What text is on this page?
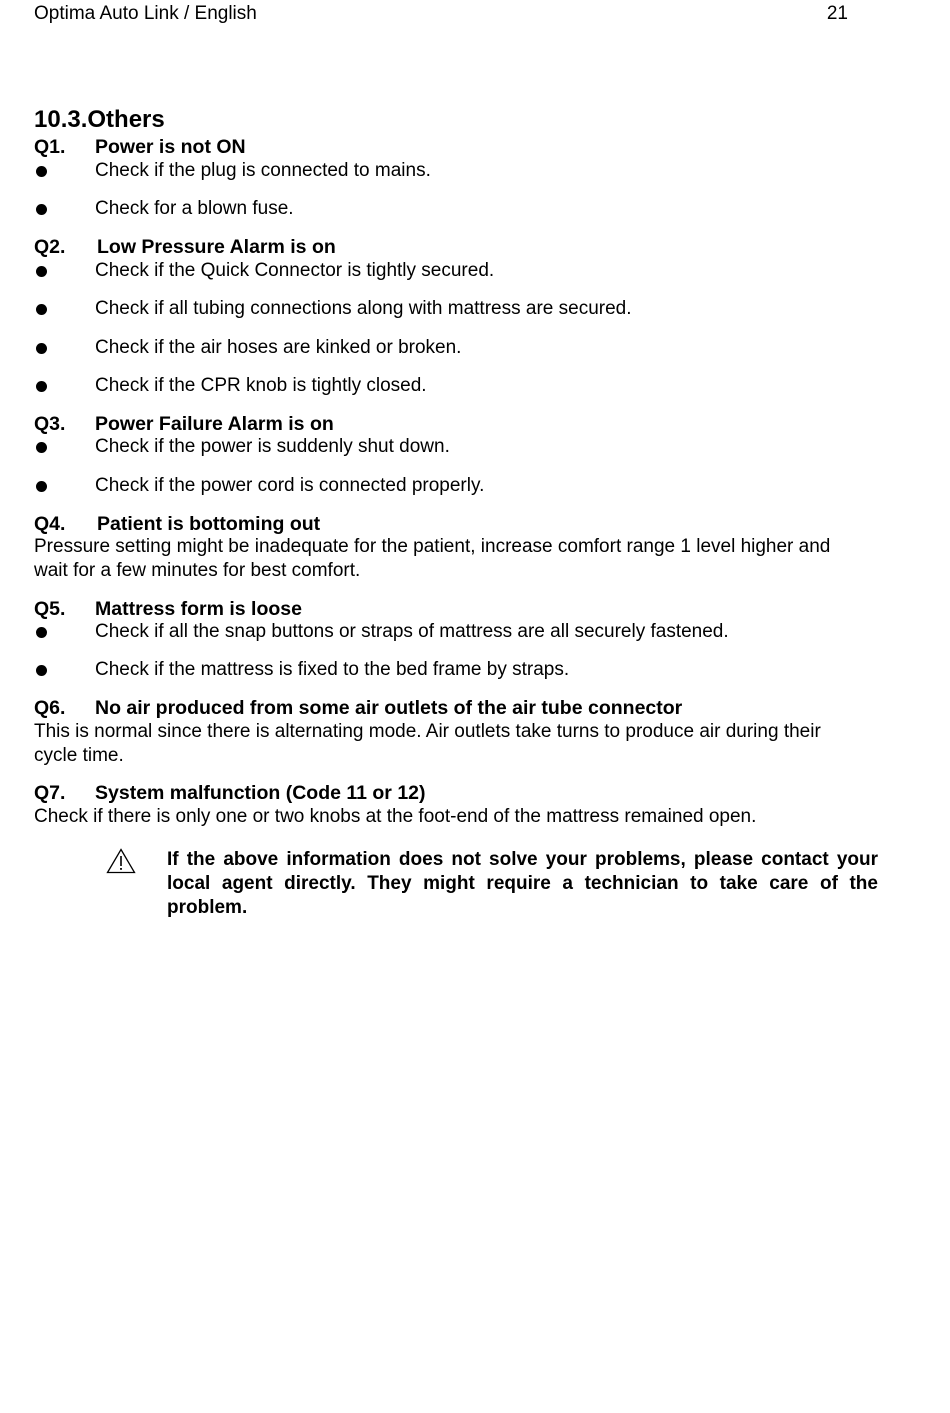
Optima Auto Link / English	21
10.3.Others
Q1. Power is not ON
Check if the plug is connected to mains.
Check for a blown fuse.
Q2. Low Pressure Alarm is on
Check if the Quick Connector is tightly secured.
Check if all tubing connections along with mattress are secured.
Check if the air hoses are kinked or broken.
Check if the CPR knob is tightly closed.
Q3. Power Failure Alarm is on
Check if the power is suddenly shut down.
Check if the power cord is connected properly.
Q4. Patient is bottoming out
Pressure setting might be inadequate for the patient, increase comfort range 1 level higher and
wait for a few minutes for best comfort.
Q5. Mattress form is loose
Check if all the snap buttons or straps of mattress are all securely fastened.
Check if the mattress is fixed to the bed frame by straps.
Q6. No air produced from some air outlets of the air tube connector
This is normal since there is alternating mode. Air outlets take turns to produce air during their
cycle time.
Q7. System malfunction (Code 11 or 12)
Check if there is only one or two knobs at the foot-end of the mattress remained open.
If the above information does not solve your problems, please contact your
local agent directly. They might require a technician to take care of the
problem.
